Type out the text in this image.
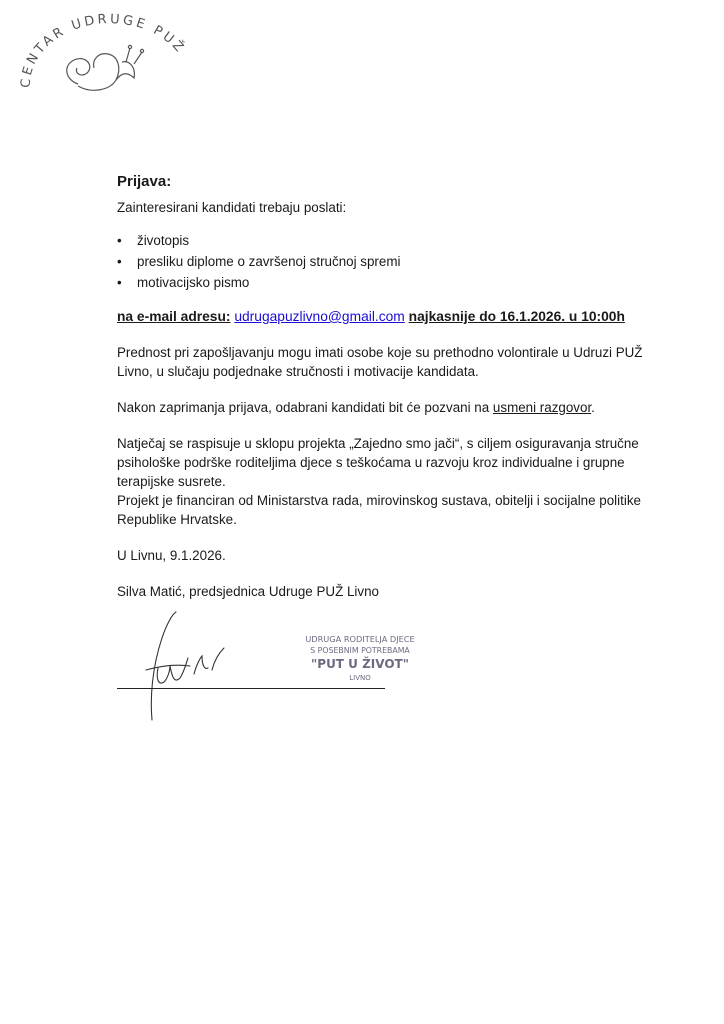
CENTAR UDRUGE PUŽ

Prijava:

Zainteresirani kandidati trebaju poslati:

• životopis
• presliku diplome o završenoj stručnoj spremi
• motivacijsko pismo

na e-mail adresu: udrugapuzlivno@gmail.com najkasnije do 16.1.2026. u 10:00h

Prednost pri zapošljavanju mogu imati osobe koje su prethodno volontirale u Udruzi PUŽ Livno, u slučaju podjednake stručnosti i motivacije kandidata.

Nakon zaprimanja prijava, odabrani kandidati bit će pozvani na usmeni razgovor.

Natječaj se raspisuje u sklopu projekta „Zajedno smo jači“, s ciljem osiguravanja stručne psihološke podrške roditeljima djece s teškoćama u razvoju kroz individualne i grupne terapijske susrete.

Projekt je financiran od Ministarstva rada, mirovinskog sustava, obitelji i socijalne politike Republike Hrvatske.

U Livnu, 9.1.2026.

Silva Matić, predsjednica Udruge PUŽ Livno

UDRUGA RODITELJA DJECE
S POSEBNIM POTREBAMA
"PUT U ŽIVOT"
LIVNO
